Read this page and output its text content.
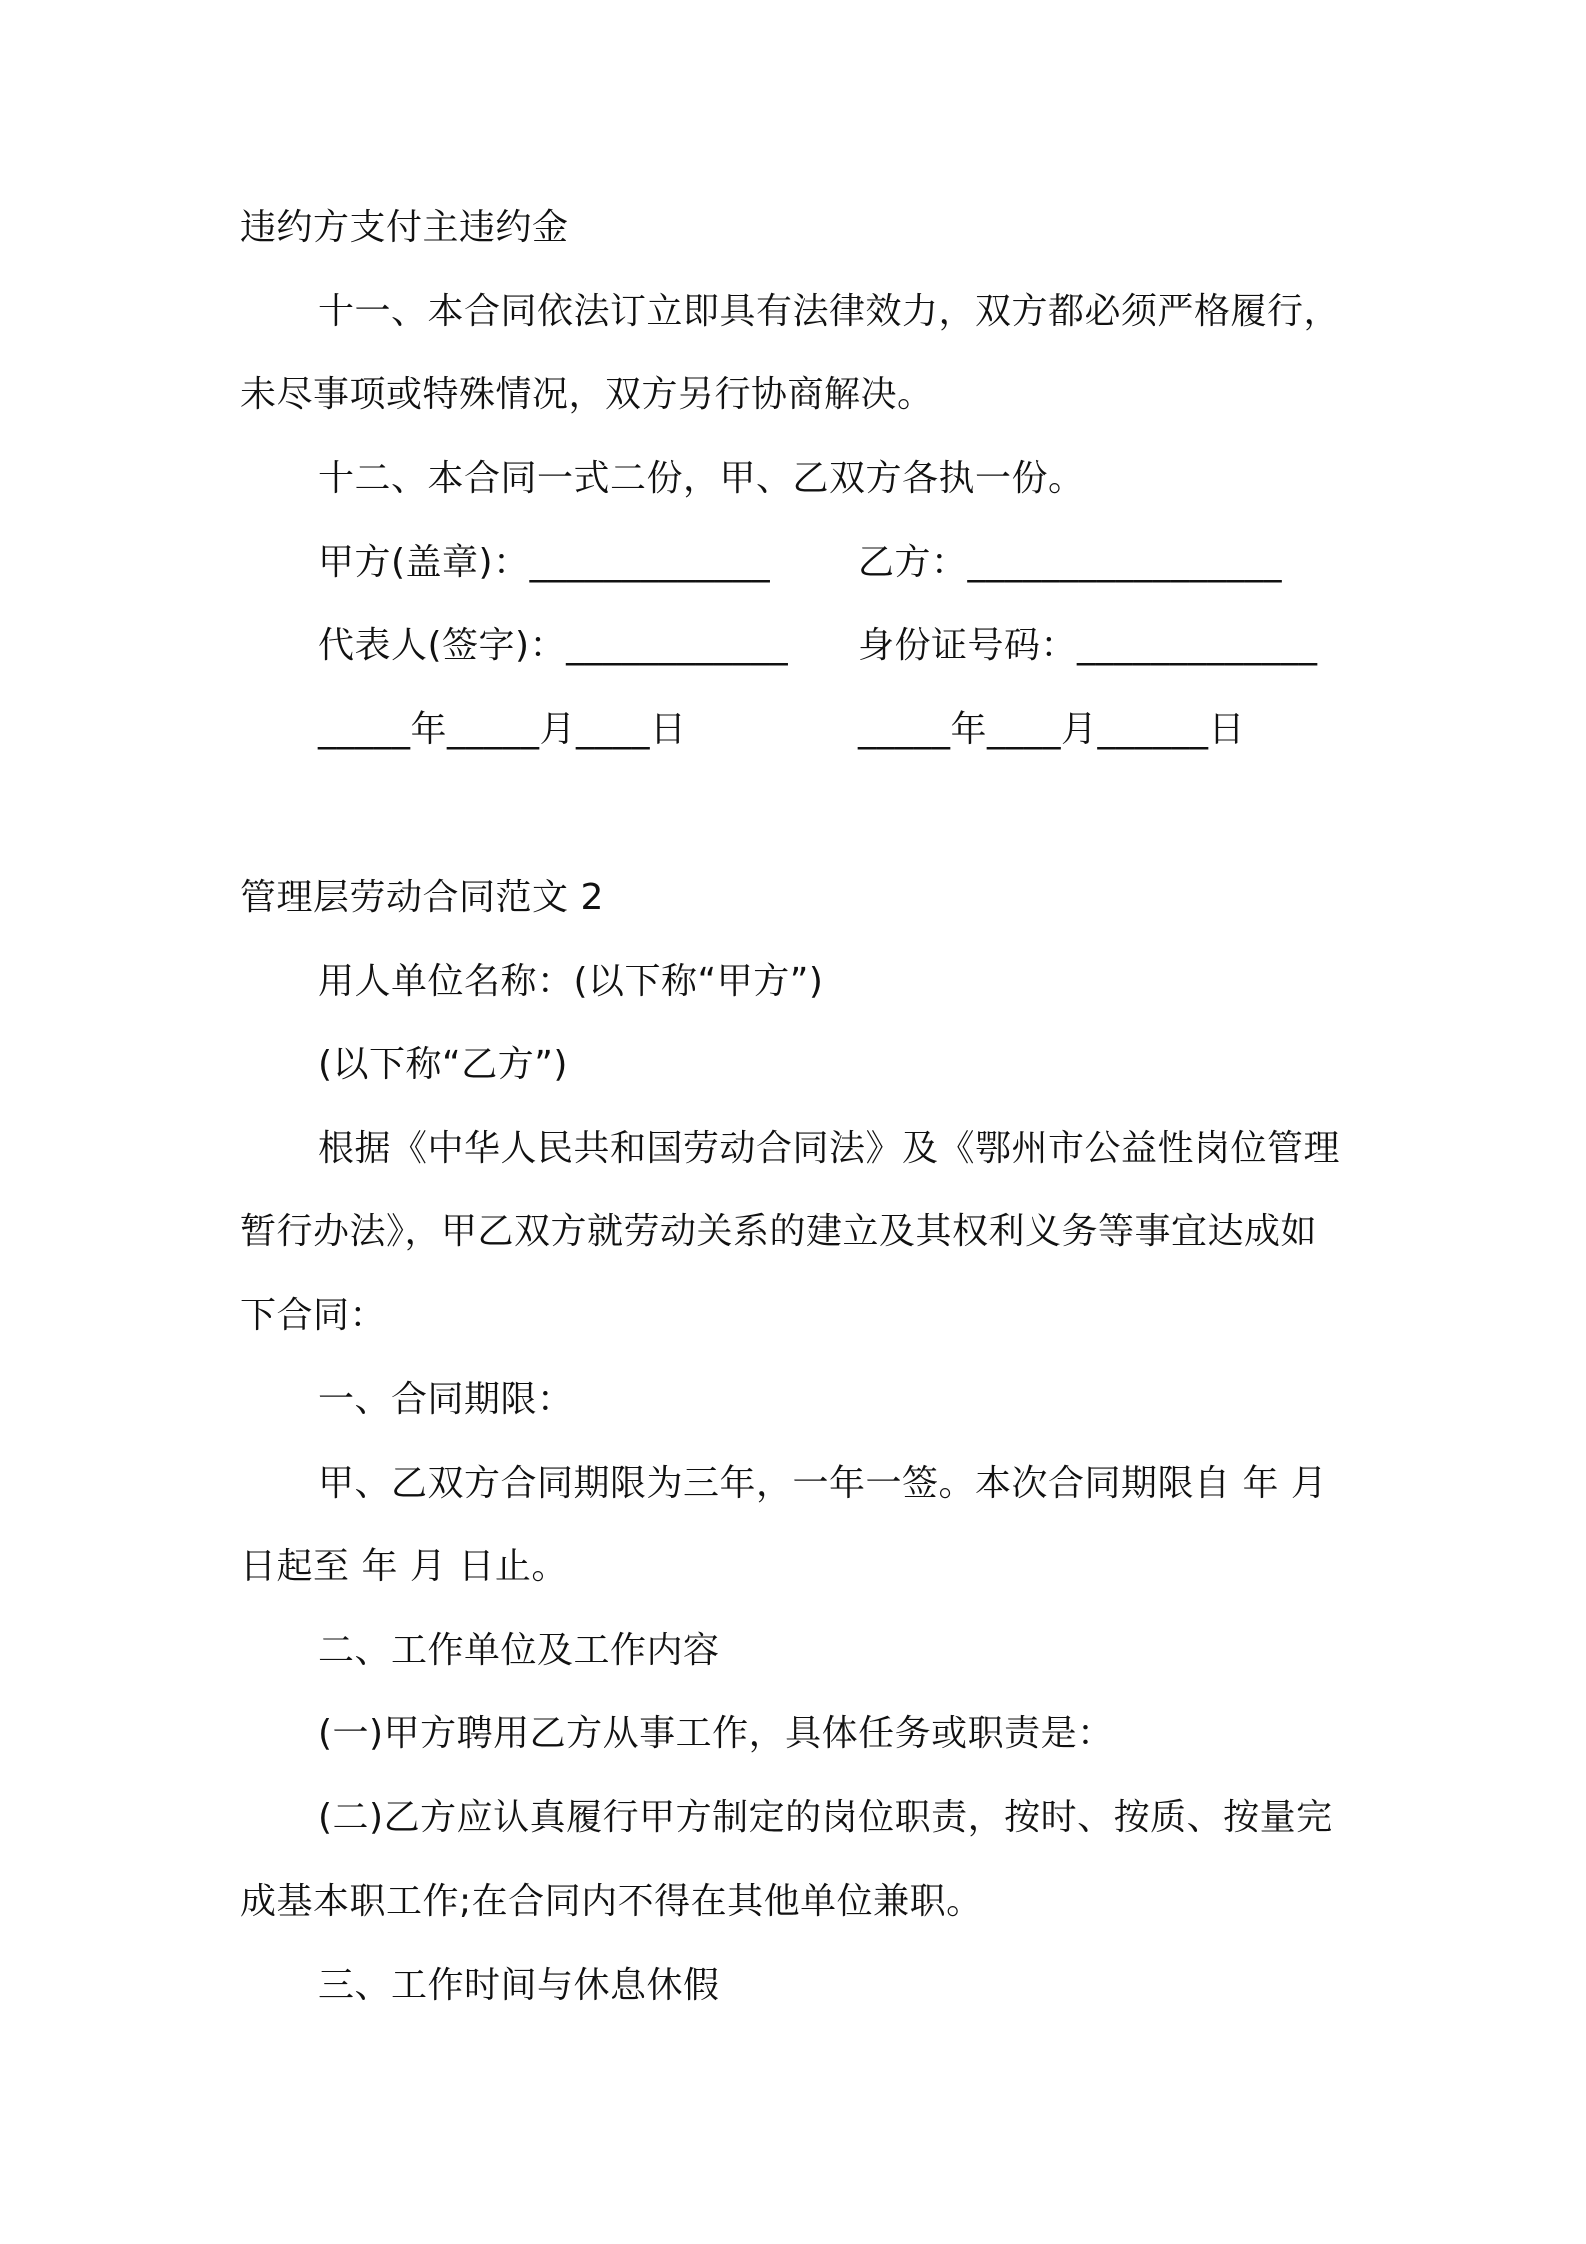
违约方支付主违约金
十一、本合同依法订立即具有法律效力，双方都必须严格履行，
未尽事项或特殊情况，双方另行协商解决。
十二、本合同一式二份，甲、乙双方各执一份。
甲方(盖章)：_____________ 乙方：_________________
代表人(签字)：____________ 身份证号码：_____________
_____年_____月____日	_____年____月______日
管理层劳动合同范文 2
用人单位名称：(以下称“甲方”)
(以下称“乙方”)
根据《中华人民共和国劳动合同法》及《鄂州市公益性岗位管理
暂行办法》，甲乙双方就劳动关系的建立及其权利义务等事宜达成如
下合同：
一、合同期限：
甲、乙双方合同期限为三年，一年一签。本次合同期限自 年 月
日起至 年 月 日止。
二、工作单位及工作内容
(一)甲方聘用乙方从事工作，具体任务或职责是：
(二)乙方应认真履行甲方制定的岗位职责，按时、按质、按量完
成基本职工作;在合同内不得在其他单位兼职。
三、工作时间与休息休假
